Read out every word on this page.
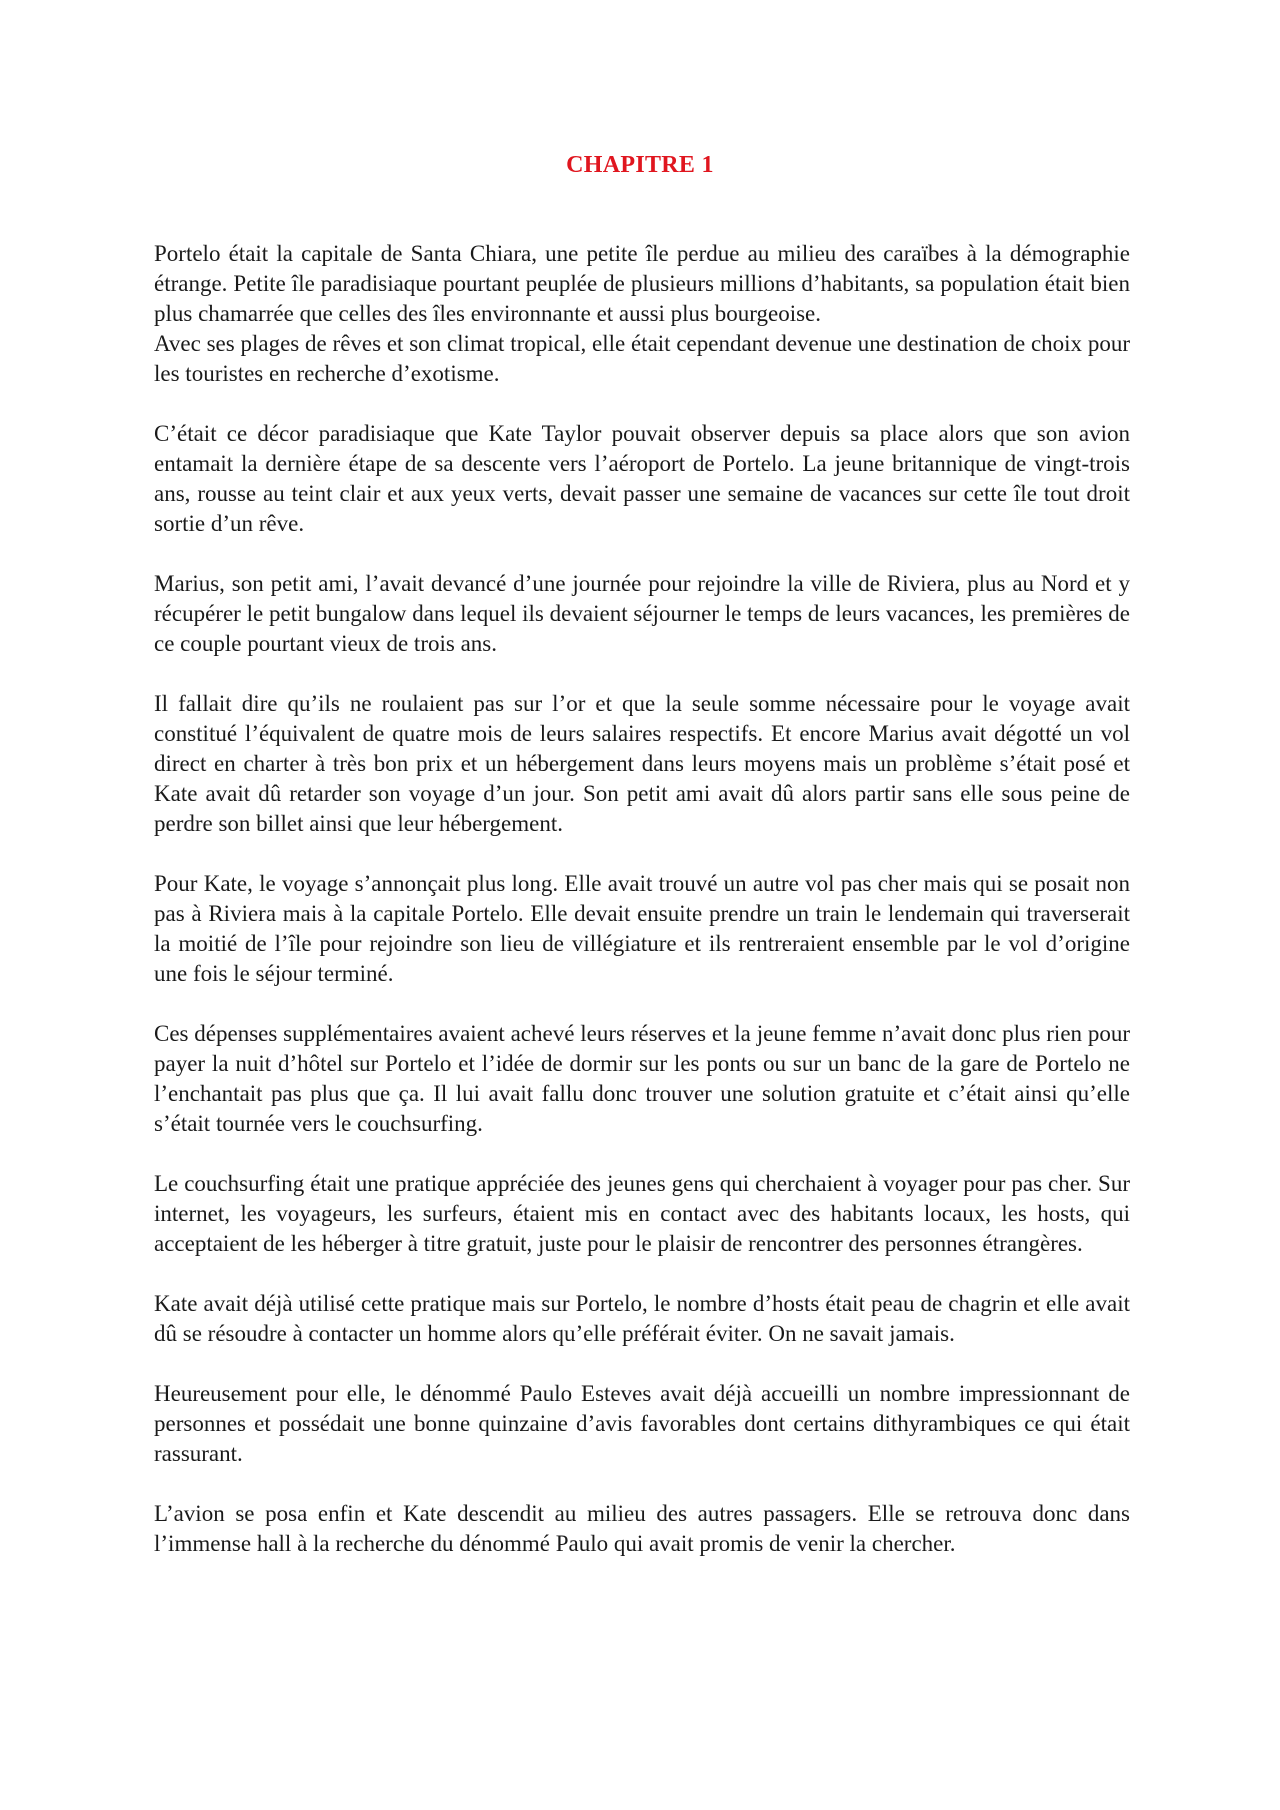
CHAPITRE 1

Portelo était la capitale de Santa Chiara, une petite île perdue au milieu des caraïbes à la démographie étrange. Petite île paradisiaque pourtant peuplée de plusieurs millions d’habitants, sa population était bien plus chamarrée que celles des îles environnante et aussi plus bourgeoise.

Avec ses plages de rêves et son climat tropical, elle était cependant devenue une destination de choix pour les touristes en recherche d’exotisme.

C’était ce décor paradisiaque que Kate Taylor pouvait observer depuis sa place alors que son avion entamait la dernière étape de sa descente vers l’aéroport de Portelo. La jeune britannique de vingt-trois ans, rousse au teint clair et aux yeux verts, devait passer une semaine de vacances sur cette île tout droit sortie d’un rêve.

Marius, son petit ami, l’avait devancé d’une journée pour rejoindre la ville de Riviera, plus au Nord et y récupérer le petit bungalow dans lequel ils devaient séjourner le temps de leurs vacances, les premières de ce couple pourtant vieux de trois ans.

Il fallait dire qu’ils ne roulaient pas sur l’or et que la seule somme nécessaire pour le voyage avait constitué l’équivalent de quatre mois de leurs salaires respectifs. Et encore Marius avait dégotté un vol direct en charter à très bon prix et un hébergement dans leurs moyens mais un problème s’était posé et Kate avait dû retarder son voyage d’un jour. Son petit ami avait dû alors partir sans elle sous peine de perdre son billet ainsi que leur hébergement.

Pour Kate, le voyage s’annonçait plus long. Elle avait trouvé un autre vol pas cher mais qui se posait non pas à Riviera mais à la capitale Portelo. Elle devait ensuite prendre un train le lendemain qui traverserait la moitié de l’île pour rejoindre son lieu de villégiature et ils rentreraient ensemble par le vol d’origine une fois le séjour terminé.

Ces dépenses supplémentaires avaient achevé leurs réserves et la jeune femme n’avait donc plus rien pour payer la nuit d’hôtel sur Portelo et l’idée de dormir sur les ponts ou sur un banc de la gare de Portelo ne l’enchantait pas plus que ça. Il lui avait fallu donc trouver une solution gratuite et c’était ainsi qu’elle s’était tournée vers le couchsurfing.

Le couchsurfing était une pratique appréciée des jeunes gens qui cherchaient à voyager pour pas cher. Sur internet, les voyageurs, les surfeurs, étaient mis en contact avec des habitants locaux, les hosts, qui acceptaient de les héberger à titre gratuit, juste pour le plaisir de rencontrer des personnes étrangères.

Kate avait déjà utilisé cette pratique mais sur Portelo, le nombre d’hosts était peau de chagrin et elle avait dû se résoudre à contacter un homme alors qu’elle préférait éviter. On ne savait jamais.

Heureusement pour elle, le dénommé Paulo Esteves avait déjà accueilli un nombre impressionnant de personnes et possédait une bonne quinzaine d’avis favorables dont certains dithyrambiques ce qui était rassurant.

L’avion se posa enfin et Kate descendit au milieu des autres passagers. Elle se retrouva donc dans l’immense hall à la recherche du dénommé Paulo qui avait promis de venir la chercher.
